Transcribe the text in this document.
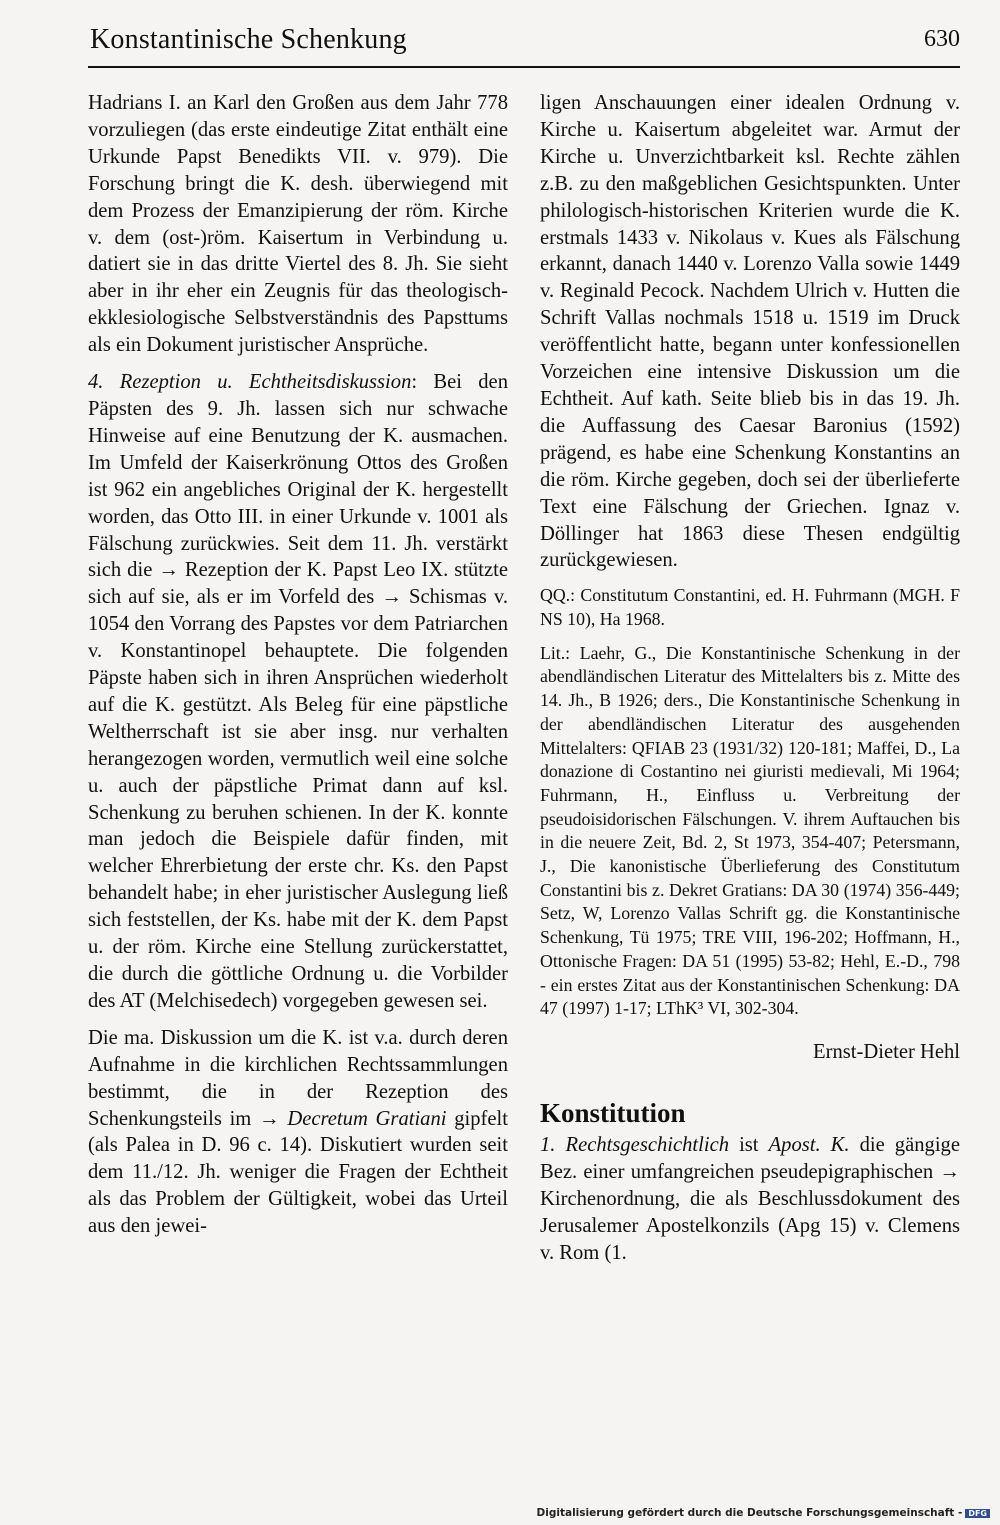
Konstantinische Schenkung	630

Hadrians I. an Karl den Großen aus dem Jahr 778 vorzuliegen (das erste eindeutige Zitat enthält eine Urkunde Papst Benedikts VII. v. 979). Die Forschung bringt die K. desh. überwiegend mit dem Prozess der Emanzipierung der röm. Kirche v. dem (ost-)röm. Kaisertum in Verbindung u. datiert sie in das dritte Viertel des 8. Jh. Sie sieht aber in ihr eher ein Zeugnis für das theologisch-ekklesiologische Selbstverständnis des Papsttums als ein Dokument juristischer Ansprüche.

4. Rezeption u. Echtheitsdiskussion: Bei den Päpsten des 9. Jh. lassen sich nur schwache Hinweise auf eine Benutzung der K. ausmachen. Im Umfeld der Kaiserkrönung Ottos des Großen ist 962 ein angebliches Original der K. hergestellt worden, das Otto III. in einer Urkunde v. 1001 als Fälschung zurückwies. Seit dem 11. Jh. verstärkt sich die → Rezeption der K. Papst Leo IX. stützte sich auf sie, als er im Vorfeld des → Schismas v. 1054 den Vorrang des Papstes vor dem Patriarchen v. Konstantinopel behauptete. Die folgenden Päpste haben sich in ihren Ansprüchen wiederholt auf die K. gestützt. Als Beleg für eine päpstliche Weltherrschaft ist sie aber insg. nur verhalten herangezogen worden, vermutlich weil eine solche u. auch der päpstliche Primat dann auf ksl. Schenkung zu beruhen schienen. In der K. konnte man jedoch die Beispiele dafür finden, mit welcher Ehrerbietung der erste chr. Ks. den Papst behandelt habe; in eher juristischer Auslegung ließ sich feststellen, der Ks. habe mit der K. dem Papst u. der röm. Kirche eine Stellung zurückerstattet, die durch die göttliche Ordnung u. die Vorbilder des AT (Melchisedech) vorgegeben gewesen sei.

Die ma. Diskussion um die K. ist v.a. durch deren Aufnahme in die kirchlichen Rechtssammlungen bestimmt, die in der Rezeption des Schenkungsteils im → Decretum Gratiani gipfelt (als Palea in D. 96 c. 14). Diskutiert wurden seit dem 11./12. Jh. weniger die Fragen der Echtheit als das Problem der Gültigkeit, wobei das Urteil aus den jewei-

ligen Anschauungen einer idealen Ordnung v. Kirche u. Kaisertum abgeleitet war. Armut der Kirche u. Unverzichtbarkeit ksl. Rechte zählen z.B. zu den maßgeblichen Gesichtspunkten. Unter philologisch-historischen Kriterien wurde die K. erstmals 1433 v. Nikolaus v. Kues als Fälschung erkannt, danach 1440 v. Lorenzo Valla sowie 1449 v. Reginald Pecock. Nachdem Ulrich v. Hutten die Schrift Vallas nochmals 1518 u. 1519 im Druck veröffentlicht hatte, begann unter konfessionellen Vorzeichen eine intensive Diskussion um die Echtheit. Auf kath. Seite blieb bis in das 19. Jh. die Auffassung des Caesar Baronius (1592) prägend, es habe eine Schenkung Konstantins an die röm. Kirche gegeben, doch sei der überlieferte Text eine Fälschung der Griechen. Ignaz v. Döllinger hat 1863 diese Thesen endgültig zurückgewiesen.

QQ.: Constitutum Constantini, ed. H. Fuhrmann (MGH. F NS 10), Ha 1968.

Lit.: Laehr, G., Die Konstantinische Schenkung in der abendländischen Literatur des Mittelalters bis z. Mitte des 14. Jh., B 1926; ders., Die Konstantinische Schenkung in der abendländischen Literatur des ausgehenden Mittelalters: QFIAB 23 (1931/32) 120-181; Maffei, D., La donazione di Costantino nei giuristi medievali, Mi 1964; Fuhrmann, H., Einfluss u. Verbreitung der pseudoisidorischen Fälschungen. V. ihrem Auftauchen bis in die neuere Zeit, Bd. 2, St 1973, 354-407; Petersmann, J., Die kanonistische Überlieferung des Constitutum Constantini bis z. Dekret Gratians: DA 30 (1974) 356-449; Setz, W, Lorenzo Vallas Schrift gg. die Konstantinische Schenkung, Tü 1975; TRE VIII, 196-202; Hoffmann, H., Ottonische Fragen: DA 51 (1995) 53-82; Hehl, E.-D., 798 - ein erstes Zitat aus der Konstantinischen Schenkung: DA 47 (1997) 1-17; LThK³ VI, 302-304.

Ernst-Dieter Hehl

Konstitution

1. Rechtsgeschichtlich ist Apost. K. die gängige Bez. einer umfangreichen pseudepigraphischen → Kirchenordnung, die als Beschlussdokument des Jerusalemer Apostelkonzils (Apg 15) v. Clemens v. Rom (1.

Digitalisierung gefördert durch die Deutsche Forschungsgemeinschaft - DFG
